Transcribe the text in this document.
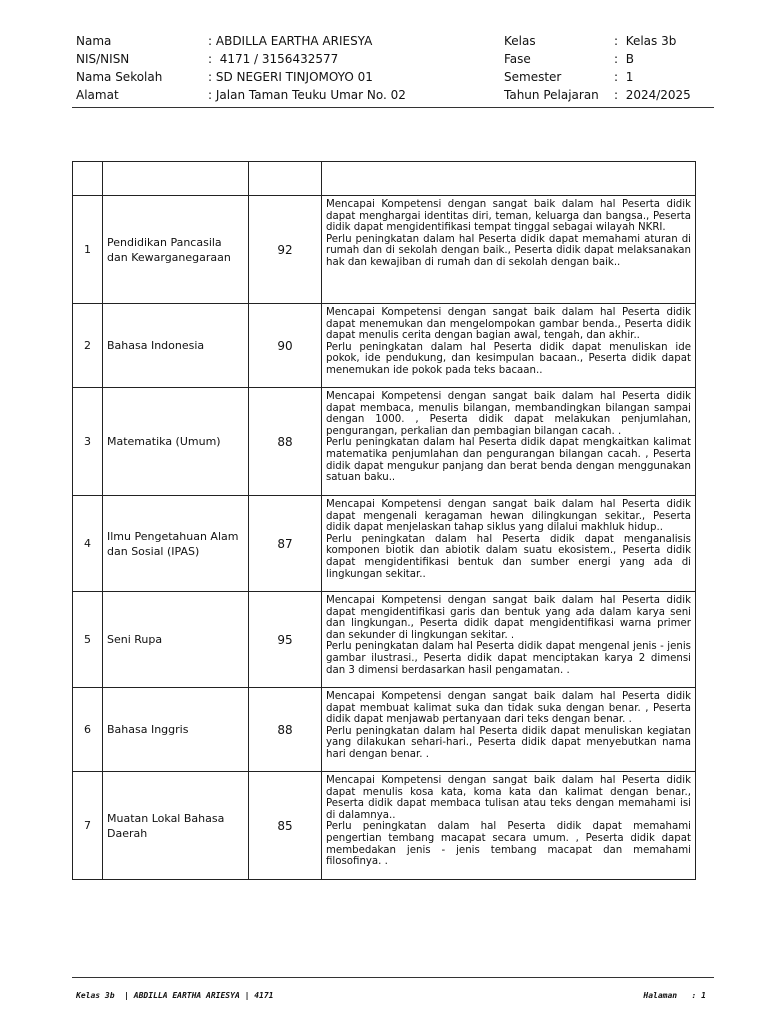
Nama	: ABDILLA EARTHA ARIESYA
NIS/NISN	: 4171 / 3156432577
Nama Sekolah	: SD NEGERI TINJOMOYO 01
Alamat	: Jalan Taman Teuku Umar No. 02
Kelas	: Kelas 3b
Fase	: B
Semester	: 1
Tahun Pelajaran : 2024/2025

1	Pendidikan Pancasila dan Kewarganegaraan	92	Mencapai Kompetensi dengan sangat baik dalam hal Peserta didik dapat menghargai identitas diri, teman, keluarga dan bangsa., Peserta didik dapat mengidentifikasi tempat tinggal sebagai wilayah NKRI.
Perlu peningkatan dalam hal Peserta didik dapat memahami aturan di rumah dan di sekolah dengan baik., Peserta didik dapat melaksanakan hak dan kewajiban di rumah dan di sekolah dengan baik..

2	Bahasa Indonesia	90	Mencapai Kompetensi dengan sangat baik dalam hal Peserta didik dapat menemukan dan mengelompokan gambar benda., Peserta didik dapat menulis cerita dengan bagian awal, tengah, dan akhir..
Perlu peningkatan dalam hal Peserta didik dapat menuliskan ide pokok, ide pendukung, dan kesimpulan bacaan., Peserta didik dapat menemukan ide pokok pada teks bacaan..

3	Matematika (Umum)	88	Mencapai Kompetensi dengan sangat baik dalam hal Peserta didik dapat membaca, menulis bilangan, membandingkan bilangan sampai dengan 1000. , Peserta didik dapat melakukan penjumlahan, pengurangan, perkalian dan pembagian bilangan cacah. .
Perlu peningkatan dalam hal Peserta didik dapat mengkaitkan kalimat matematika penjumlahan dan pengurangan bilangan cacah. , Peserta didik dapat mengukur panjang dan berat benda dengan menggunakan satuan baku..

4	Ilmu Pengetahuan Alam dan Sosial (IPAS)	87	Mencapai Kompetensi dengan sangat baik dalam hal Peserta didik dapat mengenali keragaman hewan dilingkungan sekitar., Peserta didik dapat menjelaskan tahap siklus yang dilalui makhluk hidup..
Perlu peningkatan dalam hal Peserta didik dapat menganalisis komponen biotik dan abiotik dalam suatu ekosistem., Peserta didik dapat mengidentifikasi bentuk dan sumber energi yang ada di lingkungan sekitar..

5	Seni Rupa	95	Mencapai Kompetensi dengan sangat baik dalam hal Peserta didik dapat mengidentifikasi garis dan bentuk yang ada dalam karya seni dan lingkungan., Peserta didik dapat mengidentifikasi warna primer dan sekunder di lingkungan sekitar. .
Perlu peningkatan dalam hal Peserta didik dapat mengenal jenis - jenis gambar ilustrasi., Peserta didik dapat menciptakan karya 2 dimensi dan 3 dimensi berdasarkan hasil pengamatan. .

6	Bahasa Inggris	88	Mencapai Kompetensi dengan sangat baik dalam hal Peserta didik dapat membuat kalimat suka dan tidak suka dengan benar. , Peserta didik dapat menjawab pertanyaan dari teks dengan benar. .
Perlu peningkatan dalam hal Peserta didik dapat menuliskan kegiatan yang dilakukan sehari-hari., Peserta didik dapat menyebutkan nama hari dengan benar. .

7	Muatan Lokal Bahasa Daerah	85	Mencapai Kompetensi dengan sangat baik dalam hal Peserta didik dapat menulis kosa kata, koma kata dan kalimat dengan benar., Peserta didik dapat membaca tulisan atau teks dengan memahami isi di dalamnya..
Perlu peningkatan dalam hal Peserta didik dapat memahami pengertian tembang macapat secara umum. , Peserta didik dapat membedakan jenis - jenis tembang macapat dan memahami filosofinya. .
Kelas 3b  | ABDILLA EARTHA ARIESYA | 4171	Halaman   : 1
